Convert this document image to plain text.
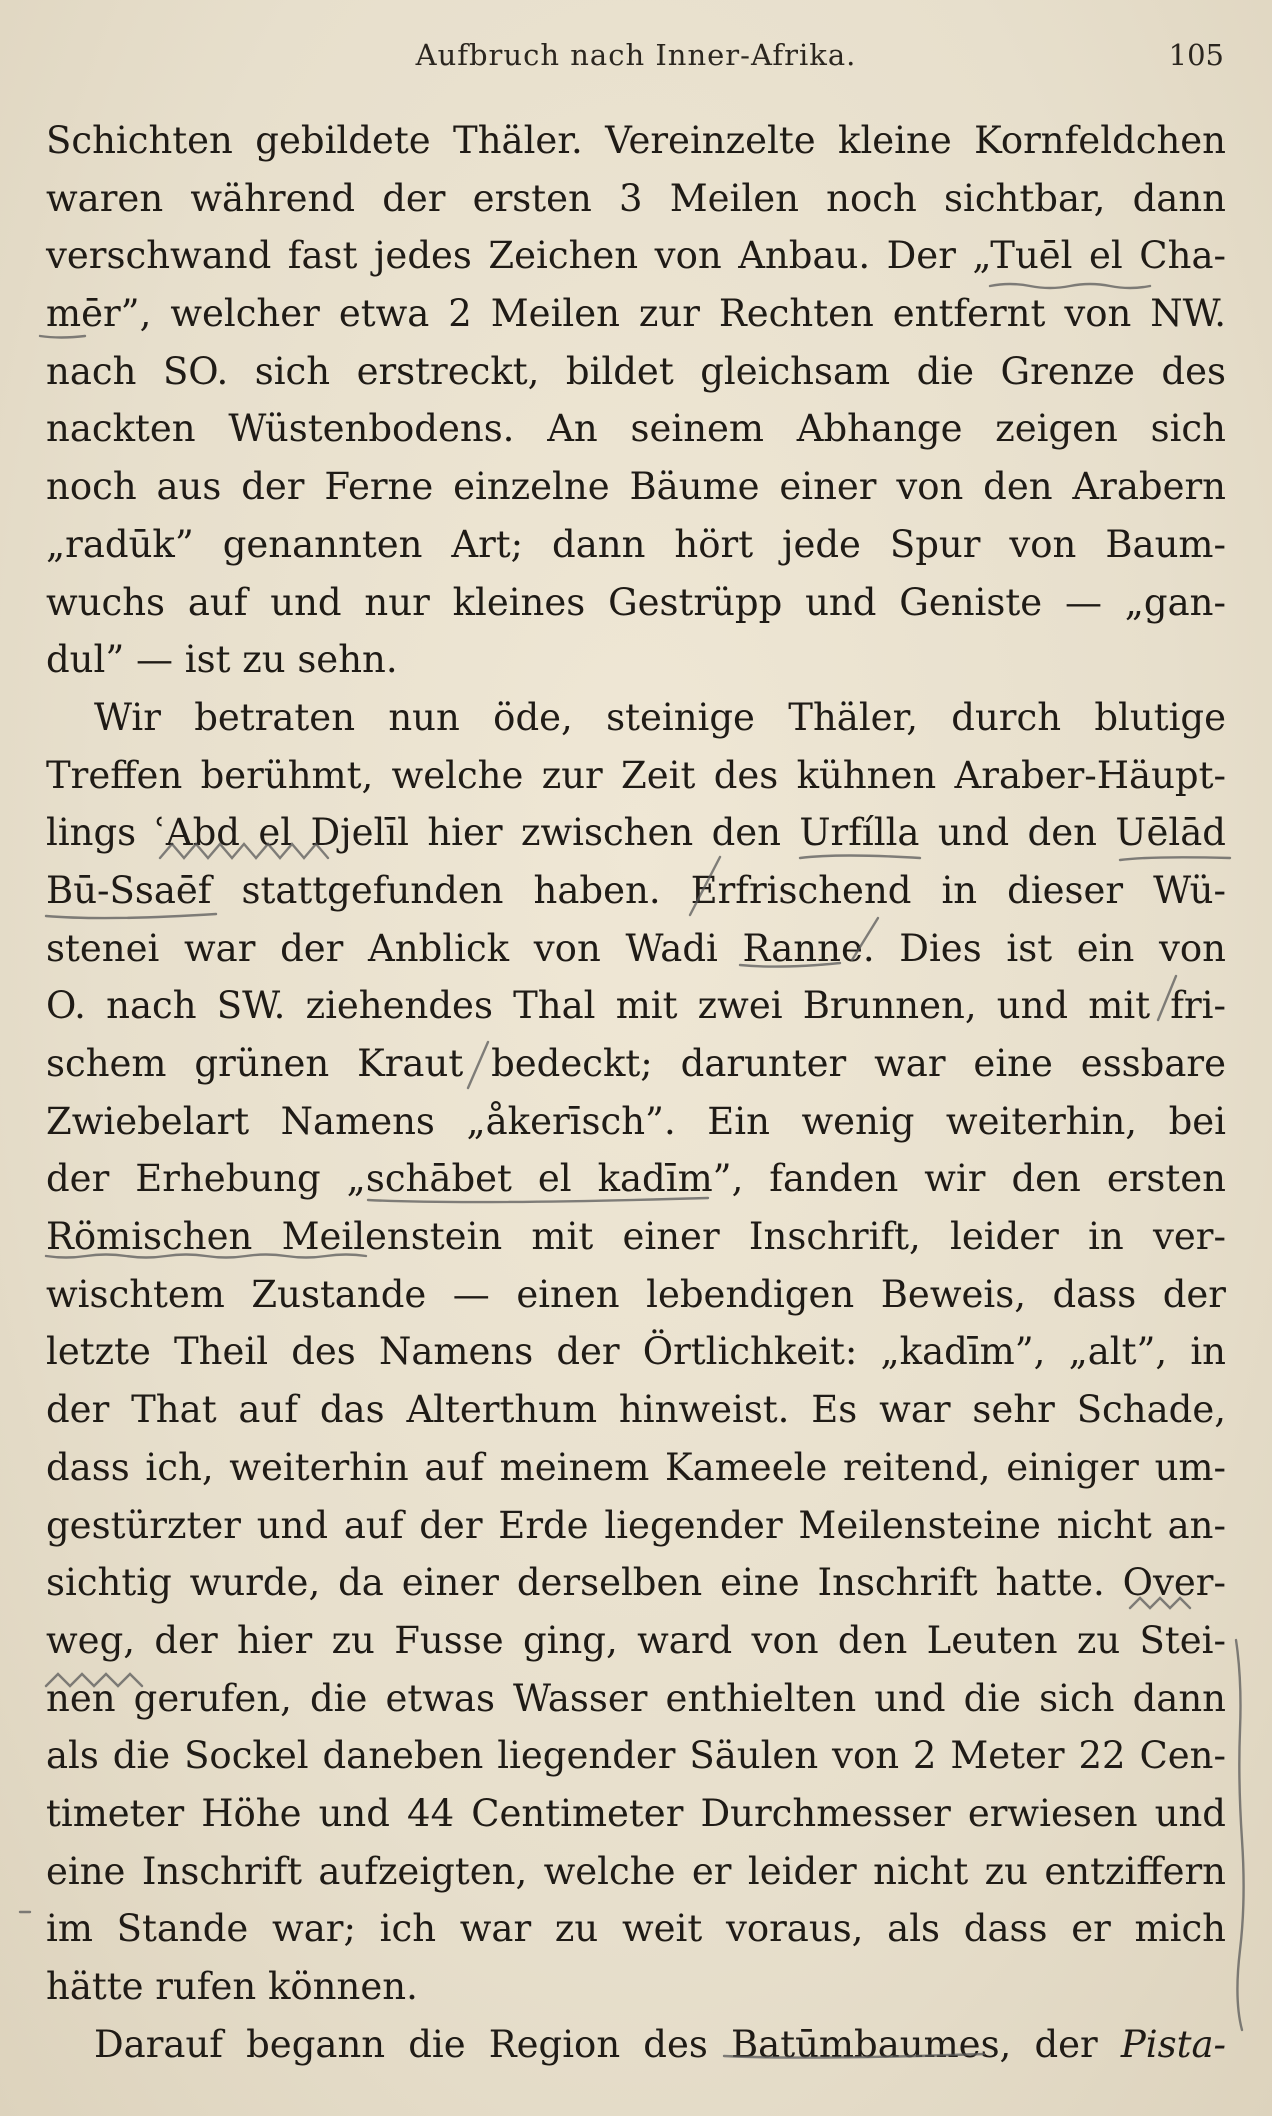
Aufbruch nach Inner-Afrika.	105
Schichten gebildete Thäler. Vereinzelte kleine Kornfeldchen
waren während der ersten 3 Meilen noch sichtbar, dann
verschwand fast jedes Zeichen von Anbau. Der „Tuēl el Cha-
mēr”, welcher etwa 2 Meilen zur Rechten entfernt von NW.
nach SO. sich erstreckt, bildet gleichsam die Grenze des
nackten Wüstenbodens. An seinem Abhange zeigen sich
noch aus der Ferne einzelne Bäume einer von den Arabern
„radūk” genannten Art; dann hört jede Spur von Baum-
wuchs auf und nur kleines Gestrüpp und Geniste — „gan-
dul” — ist zu sehn.
Wir betraten nun öde, steinige Thäler, durch blutige
Treffen berühmt, welche zur Zeit des kühnen Araber-Häupt-
lings ʿAbd el Djelīl hier zwischen den Urfílla und den Uēlād
Bū-Ssaēf stattgefunden haben. Erfrischend in dieser Wü-
stenei war der Anblick von Wadi Ranne. Dies ist ein von
O. nach SW. ziehendes Thal mit zwei Brunnen, und mit fri-
schem grünen Kraut bedeckt; darunter war eine essbare
Zwiebelart Namens „åkerīsch”. Ein wenig weiterhin, bei
der Erhebung „schābet el kadīm”, fanden wir den ersten
Römischen Meilenstein mit einer Inschrift, leider in ver-
wischtem Zustande — einen lebendigen Beweis, dass der
letzte Theil des Namens der Örtlichkeit: „kadīm”, „alt”, in
der That auf das Alterthum hinweist. Es war sehr Schade,
dass ich, weiterhin auf meinem Kameele reitend, einiger um-
gestürzter und auf der Erde liegender Meilensteine nicht an-
sichtig wurde, da einer derselben eine Inschrift hatte. Over-
weg, der hier zu Fusse ging, ward von den Leuten zu Stei-
nen gerufen, die etwas Wasser enthielten und die sich dann
als die Sockel daneben liegender Säulen von 2 Meter 22 Cen-
timeter Höhe und 44 Centimeter Durchmesser erwiesen und
eine Inschrift aufzeigten, welche er leider nicht zu entziffern
im Stande war; ich war zu weit voraus, als dass er mich
hätte rufen können.
Darauf begann die Region des Batūmbaumes, der Pista-
